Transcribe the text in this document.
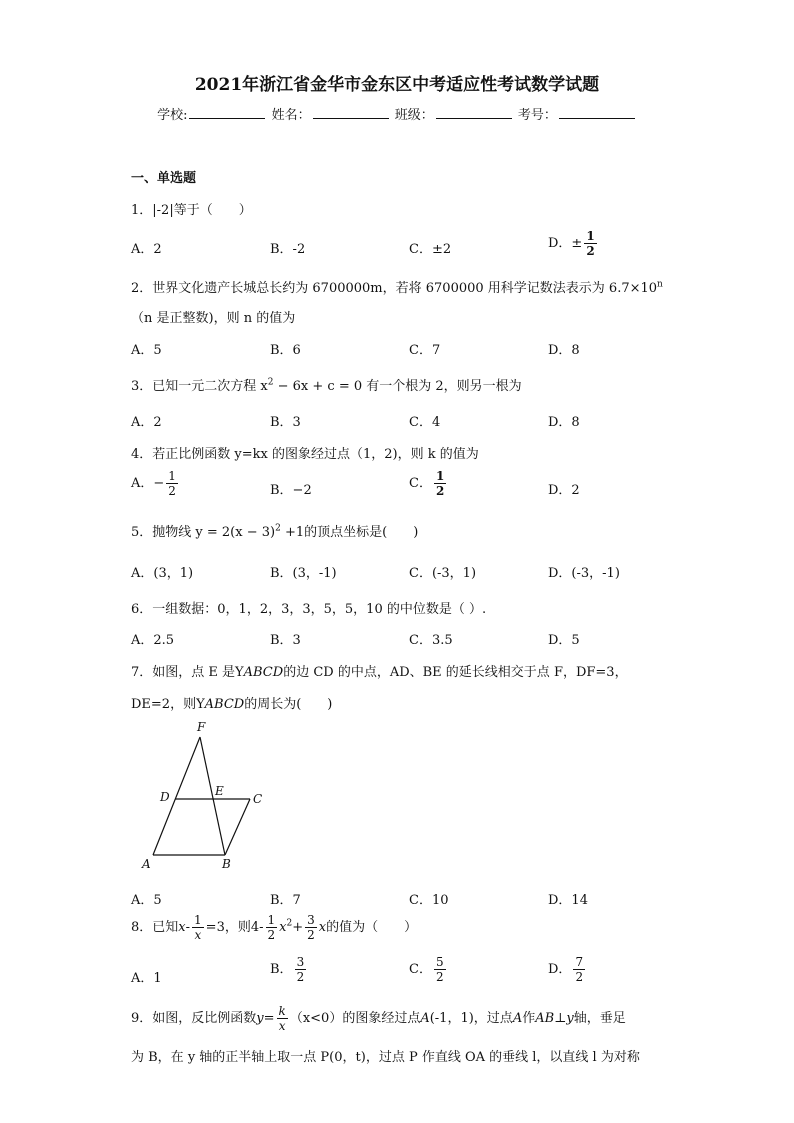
2021年浙江省金华市金东区中考适应性考试数学试题
学校:	姓名：	班级：	考号：
一、单选题
1．|-2|等于（　　）
A．2	B．-2	C．±2	D．± $\frac{1}{2}$
2．世界文化遗产长城总长约为 6700000m，若将 6700000 用科学记数法表示为 $6.7\times 10^n$
（n 是正整数)，则 n 的值为
A．5	B．6	C．7	D．8
3．已知一元二次方程 $x^2 - 6x + c = 0$ 有一个根为 2，则另一根为
A．2	B．3	C．4	D．8
4．若正比例函数 y=kx 的图象经过点（1，2)，则 k 的值为
A．− $\frac{1}{2}$	B．−2	C． $\frac{1}{2}$	D．2
5．抛物线 $y = 2(x - 3)^2 +1$的顶点坐标是(　　)
A．(3，1)	B．(3，-1)	C．(-3，1)	D．(-3，-1)
6．一组数据：0，1，2，3，3，5，5，10 的中位数是（ ）.
A．2.5	B．3	C．3.5	D．5
7．如图，点 E 是YABCD的边 CD 的中点，AD、BE 的延长线相交于点 F，DF=3，
DE=2，则YABCD的周长为(　　)
F
D	E
C
A	B
A．5	B．7	C．10	D．14
8．已知$x- \frac{1}{x} =3$，则$4- \frac{1}{2} x^2+ \frac{3}{2}$ x的值为（　　）
A．1
B． $\frac{3}{2}$	C． $\frac{5}{2}$	D． $\frac{7}{2}$
9．如图，反比例函数$y= \frac{k}{x} (x<0)$的图象经过点A(-1，1)，过点A作AB⊥y轴，垂足
为 B，在 y 轴的正半轴上取一点 P(0，t)，过点 P 作直线 OA 的垂线 l，以直线 l 为对称
